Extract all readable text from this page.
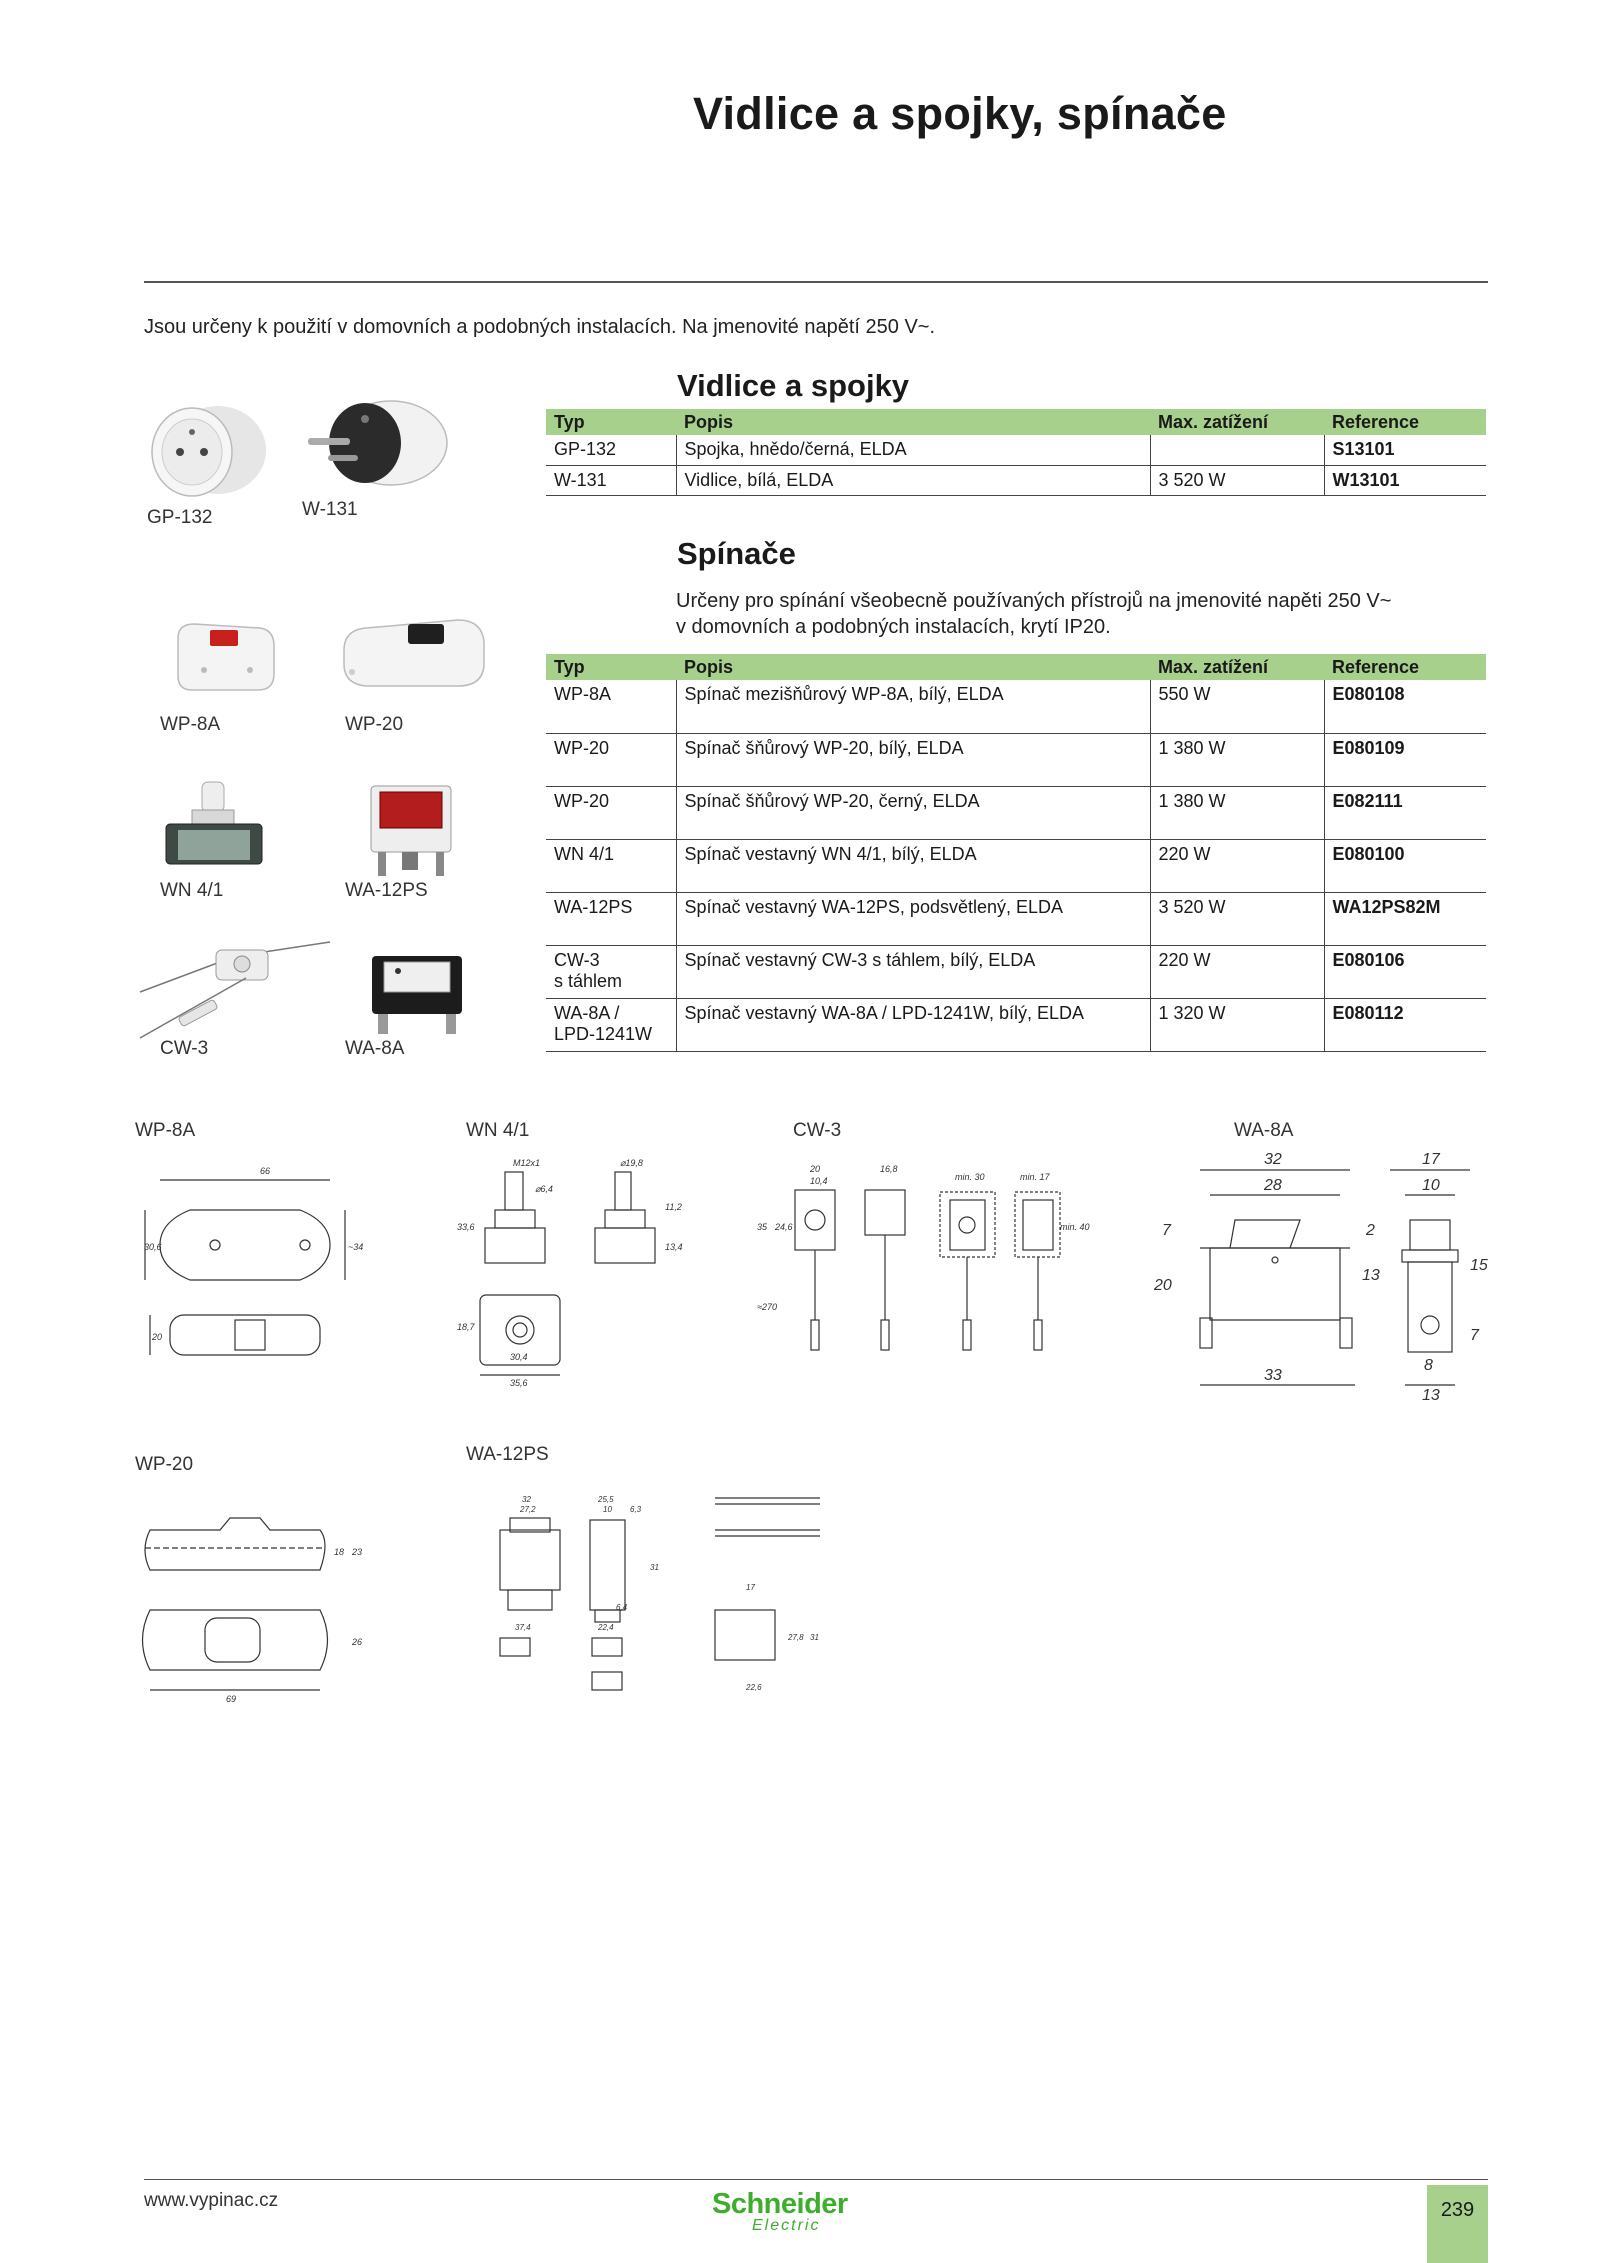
Vidlice a spojky, spínače
Jsou určeny k použití v domovních a podobných instalacích. Na jmenovité napětí 250 V~.
Vidlice a spojky
Typ	Popis	Max. zatížení	Reference
GP-132	Spojka, hnědo/černá, ELDA		S13101
W-131	Vidlice, bílá, ELDA	3 520 W	W13101
Spínače
Určeny pro spínání všeobecně používaných přístrojů na jmenovité napěti 250 V~
v domovních a podobných instalacích, krytí IP20.
Typ	Popis	Max. zatížení	Reference
WP-8A	Spínač mezišňůrový WP-8A, bílý, ELDA	550 W	E080108
WP-20	Spínač šňůrový WP-20, bílý, ELDA	1 380 W	E080109
WP-20	Spínač šňůrový WP-20, černý, ELDA	1 380 W	E082111
WN 4/1	Spínač vestavný WN 4/1, bílý, ELDA	220 W	E080100
WA-12PS	Spínač vestavný WA-12PS, podsvětlený, ELDA	3 520 W	WA12PS82M

CW-3
s táhlem	Spínač vestavný CW-3 s táhlem, bílý, ELDA	220 W	E080106

WA-8A /
LPD-1241W	Spínač vestavný WA-8A / LPD-1241W, bílý, ELDA	1 320 W	E080112
GP-132	W-131
WP-8A	WP-20
WN 4/1	WA-12PS
CW-3	WA-8A
WP-8A
66
30,6	~34
20
WN 4/1
M12x1	⌀19,8
⌀6,4
33,6
11,2
13,4
18,7
30,4
35,6
CW-3
20
10,4
16,8
min. 30	min. 17
24,6
35	min. 40
≈270
WA-8A
32
28
17
10
7
20
2
13
15
8
7
33
13
WP-20
18 23
26
69
WA-12PS
32
27,2
25,5
10 6,3
31
6,4
37,4	22,4
17
27,8 31
22,6
www.vypinac.cz	Schneider
Electric
239
